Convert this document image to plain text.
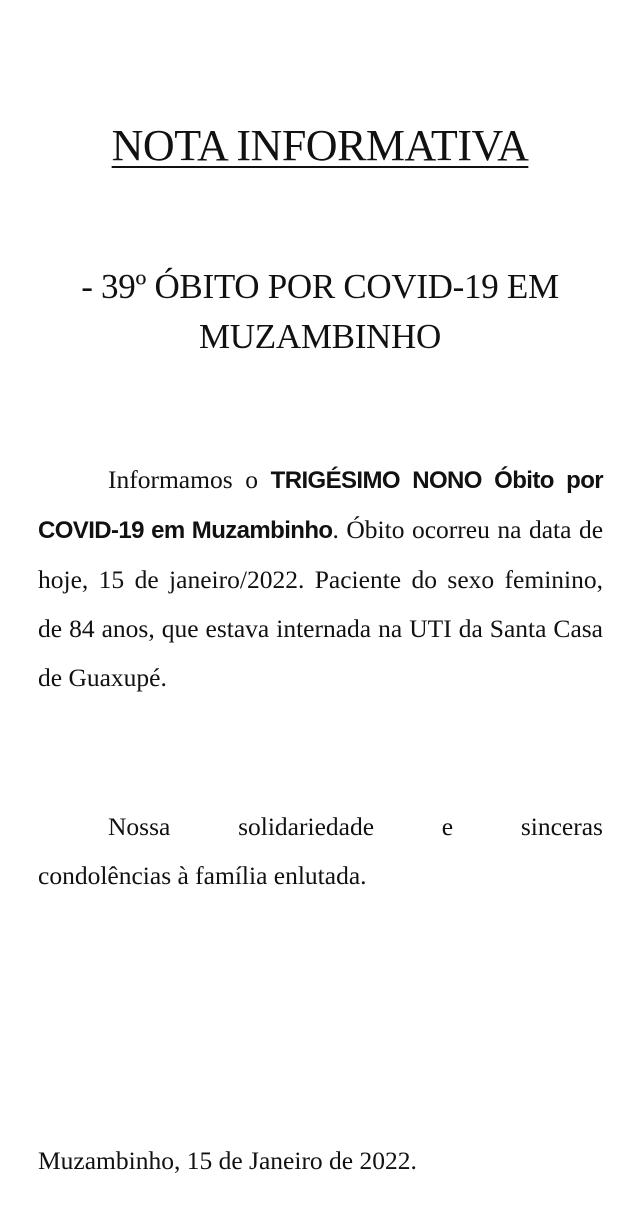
NOTA INFORMATIVA
- 39º ÓBITO POR COVID-19 EM
MUZAMBINHO

Informamos o TRIGÉSIMO NONO Óbito por COVID-19 em Muzambinho. Óbito ocorreu na data de hoje, 15 de janeiro/2022. Paciente do sexo feminino, de 84 anos, que estava internada na UTI da Santa Casa de Guaxupé.

Nossa	solidariedade	e	sinceras
condolências à família enlutada.

Muzambinho, 15 de Janeiro de 2022.
